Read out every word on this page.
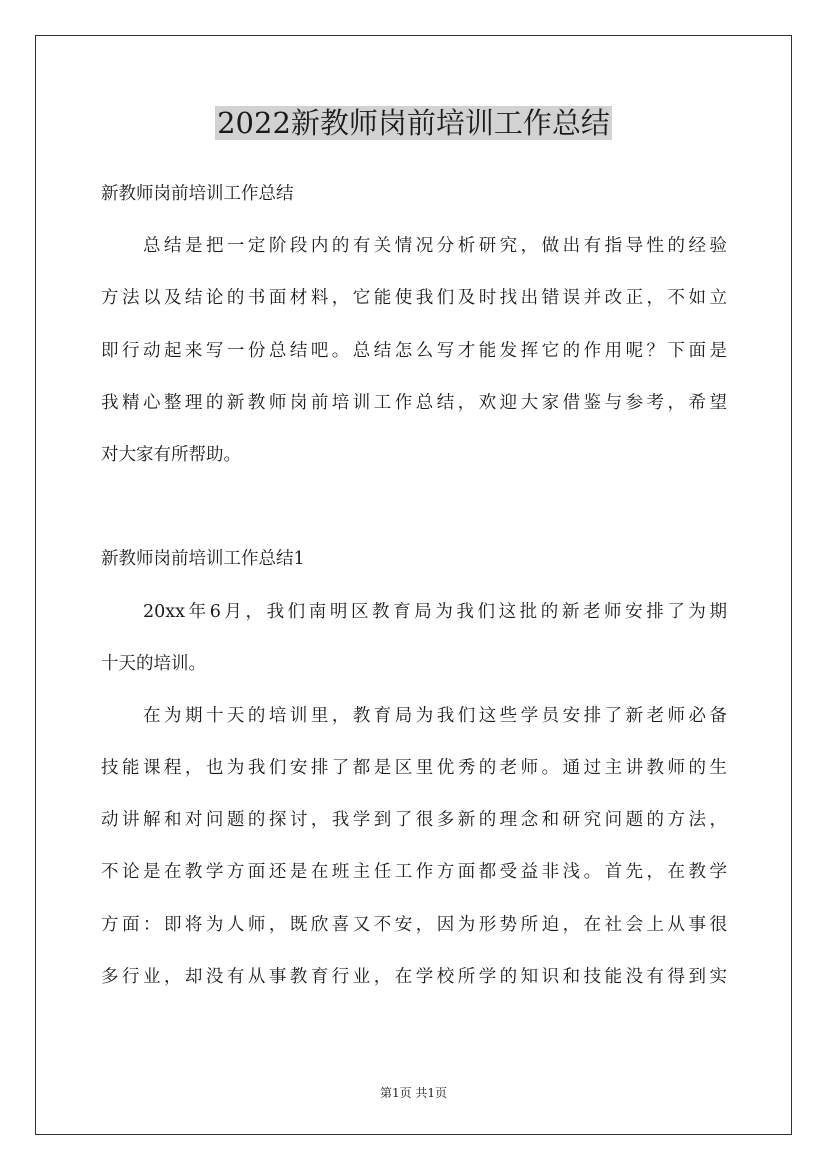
2022新教师岗前培训工作总结
新教师岗前培训工作总结
总结是把一定阶段内的有关情况分析研究，做出有指导性的经验
方法以及结论的书面材料，它能使我们及时找出错误并改正，不如立
即行动起来写一份总结吧。总结怎么写才能发挥它的作用呢？下面是
我精心整理的新教师岗前培训工作总结，欢迎大家借鉴与参考，希望
对大家有所帮助。
新教师岗前培训工作总结1
20xx年6月，我们南明区教育局为我们这批的新老师安排了为期
十天的培训。
在为期十天的培训里，教育局为我们这些学员安排了新老师必备
技能课程，也为我们安排了都是区里优秀的老师。通过主讲教师的生
动讲解和对问题的探讨，我学到了很多新的理念和研究问题的方法，
不论是在教学方面还是在班主任工作方面都受益非浅。首先，在教学
方面：即将为人师，既欣喜又不安，因为形势所迫，在社会上从事很
多行业，却没有从事教育行业，在学校所学的知识和技能没有得到实
第1页 共1页
